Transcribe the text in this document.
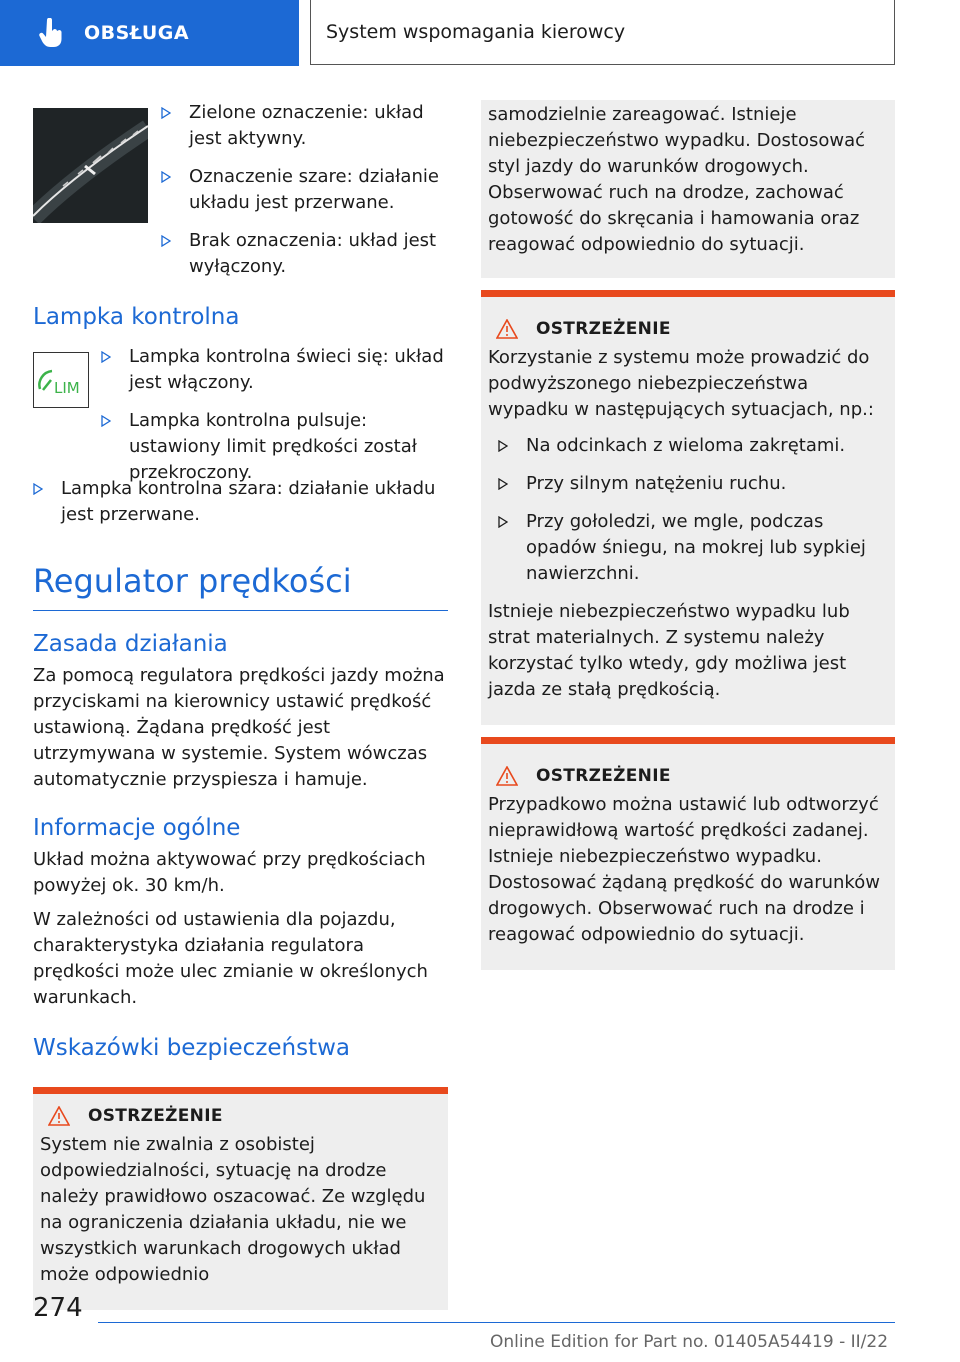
OBSŁUGA	System wspomagania kierowcy
Zielone oznaczenie: układ jest aktywny.
Oznaczenie szare: działanie układu jest przerwane.
Brak oznaczenia: układ jest wyłączony.
Lampka kontrolna
LIM
Lampka kontrolna świeci się: układ jest włączony.
Lampka kontrolna pulsuje: ustawiony limit prędkości został przekroczony.
Lampka kontrolna szara: działanie układu jest przerwane.
Regulator prędkości
Zasada działania

Za pomocą regulatora prędkości jazdy można przyciskami na kierownicy ustawić prędkość ustawioną. Żądana prędkość jest utrzymywana w systemie. System wówczas automatycznie przyspiesza i hamuje.

Informacje ogólne

Układ można aktywować przy prędkościach powyżej ok. 30 km/h.

W zależności od ustawienia dla pojazdu, charakterystyka działania regulatora prędkości może ulec zmianie w określonych warunkach.

Wskazówki bezpieczeństwa
OSTRZEŻENIE

System nie zwalnia z osobistej odpowiedzialności, sytuację na drodze należy prawidłowo oszacować. Ze względu na ograniczenia działania układu, nie we wszystkich warunkach drogowych układ może odpowiednio

samodzielnie zareagować. Istnieje niebezpieczeństwo wypadku. Dostosować styl jazdy do warunków drogowych. Obserwować ruch na drodze, zachować gotowość do skręcania i hamowania oraz reagować odpowiednio do sytuacji.

OSTRZEŻENIE

Korzystanie z systemu może prowadzić do podwyższonego niebezpieczeństwa wypadku w następujących sytuacjach, np.:

Na odcinkach z wieloma zakrętami.
Przy silnym natężeniu ruchu.
Przy gołoledzi, we mgle, podczas opadów śniegu, na mokrej lub sypkiej nawierzchni.

Istnieje niebezpieczeństwo wypadku lub strat materialnych. Z systemu należy korzystać tylko wtedy, gdy możliwa jest jazda ze stałą prędkością.

OSTRZEŻENIE

Przypadkowo można ustawić lub odtworzyć nieprawidłową wartość prędkości zadanej. Istnieje niebezpieczeństwo wypadku. Dostosować żądaną prędkość do warunków drogowych. Obserwować ruch na drodze i reagować odpowiednio do sytuacji.

274
Online Edition for Part no. 01405A54419 - II/22
